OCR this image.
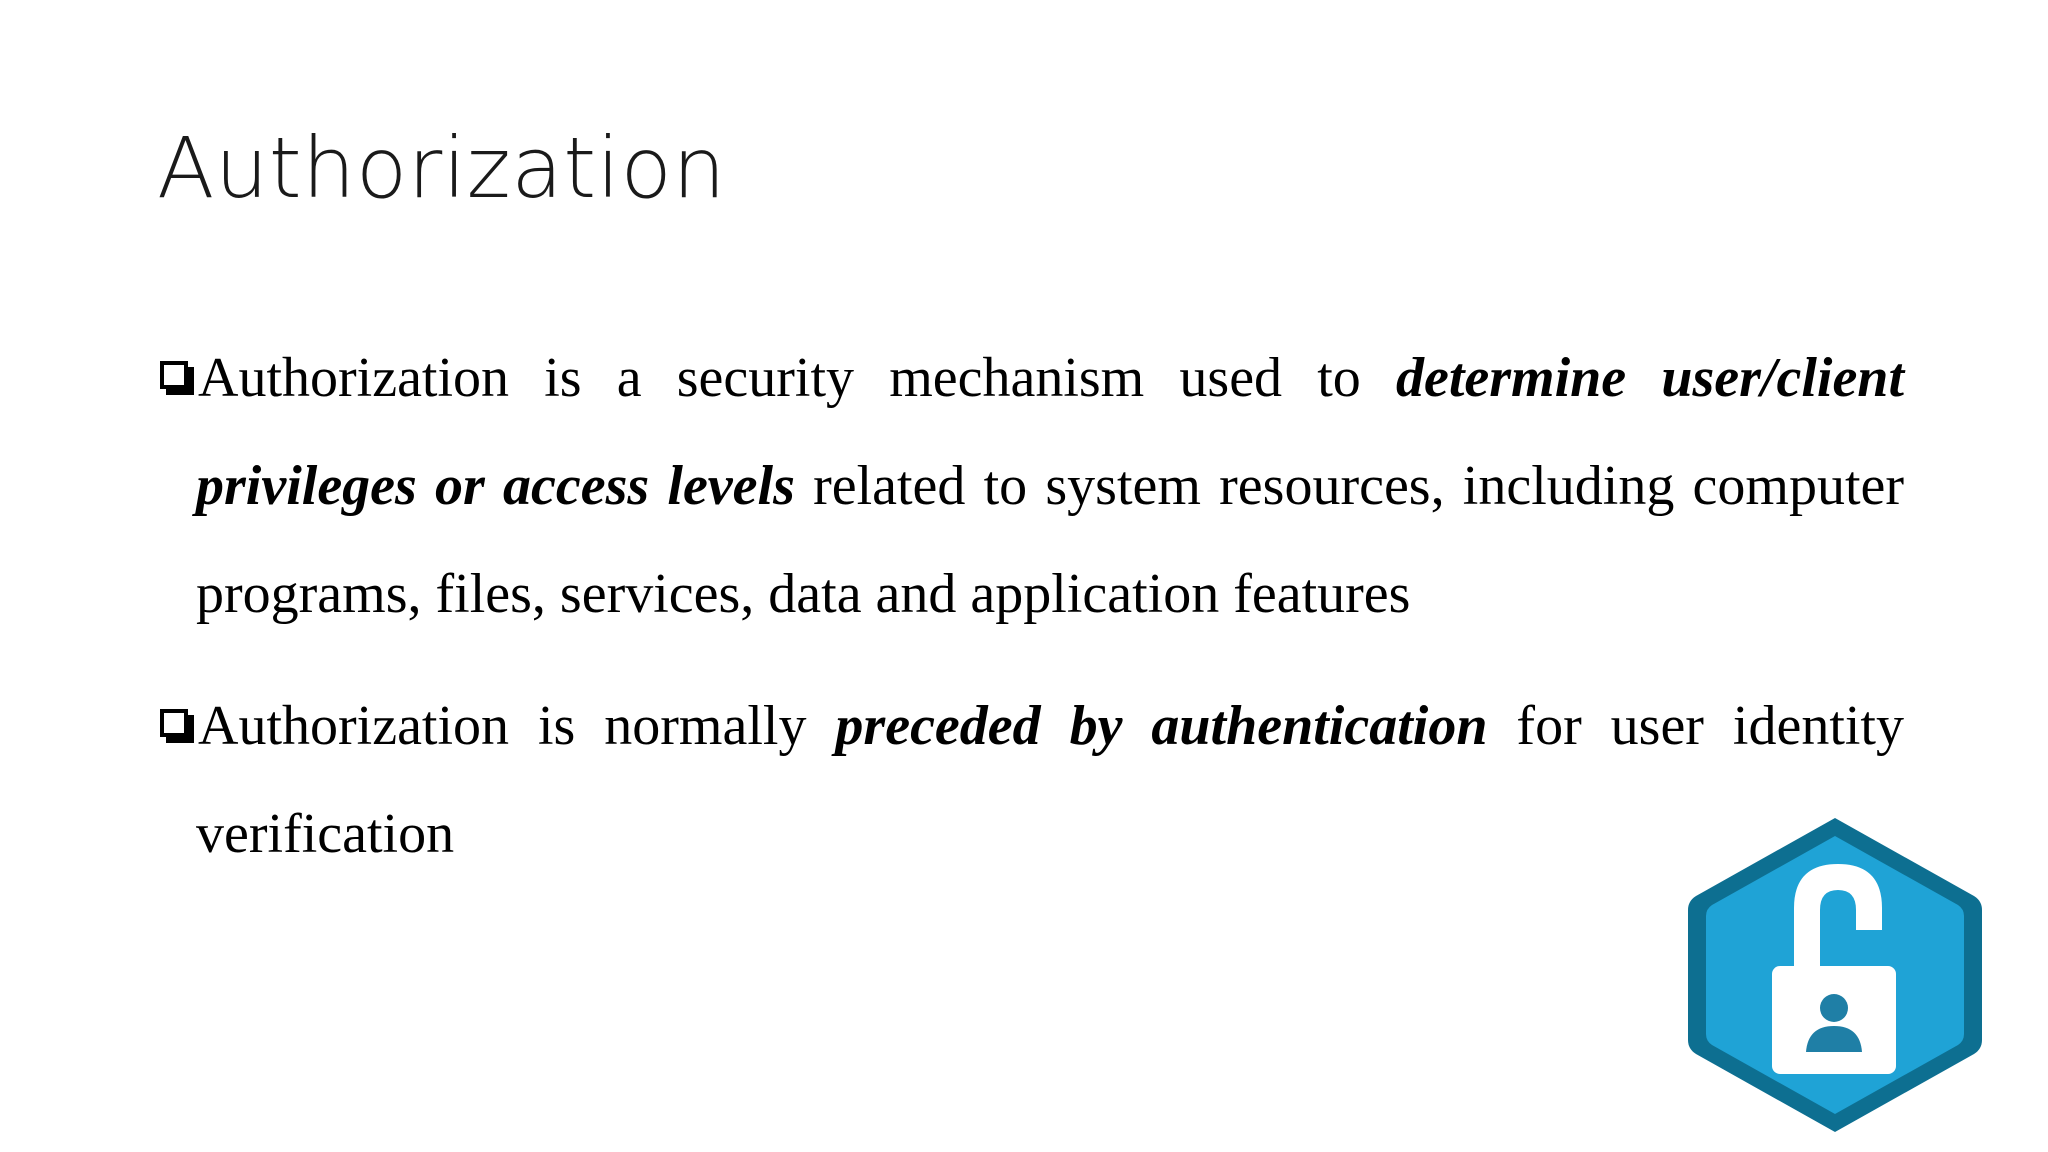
Authorization

Authorization is a security mechanism used to determine user/client privileges or access levels related to system resources, including computer programs, files, services, data and application features

Authorization is normally preceded by authentication for user identity verification
